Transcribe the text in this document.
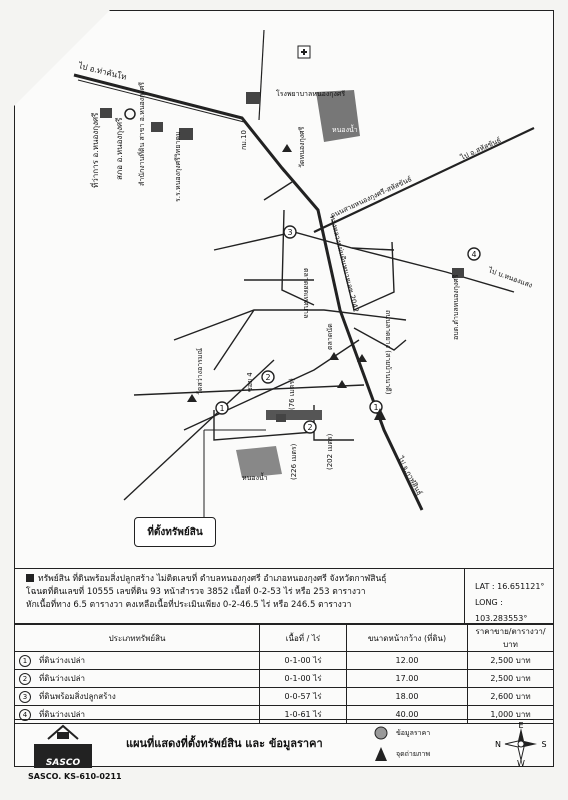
1
1
2
2
3
4
ไป อ.ท่าคันโท
ที่ว่าการ อ.หนองกุงศรี สภอ อ.หนองกุงศรี สำนักงานที่ดิน สาขา อ.หนองกุงศรี	ร.ร.หนองกุงศรีวิทยาคม
โรงพยาบาลหนองกุงศรี
วัดหนองกุงศรี	หนองน้ำ
กม.10
ถนนสายหนองกุงศรี-สหัสขันธ์
ไป อ.สหัสขันธ์
ไป บ.หนองแสง
อบต.ตำบลหนองกุงศรี
ทางหลวงแผ่นดินหมายเลข 2042
ตลาดสดเทศบาล
ซอย 4
วัดสว่างอารมณ์
ตลาดนัด	ถนนลาดยาง (สายบ้านนาดี)
(76 เมตร)
(226 เมตร)	(202 เมตร)
หนองน้ำ	ไป จ.กาฬสินธุ์
ที่ตั้งทรัพย์สิน
ทรัพย์สิน ที่ดินพร้อมสิ่งปลูกสร้าง ไม่ติดเลขที่ ตำบลหนองกุงศรี อำเภอหนองกุงศรี จังหวัดกาฬสินธุ์
โฉนดที่ดินเลขที่ 10555 เลขที่ดิน 93 หน้าสำรวจ 3852 เนื้อที่ 0-2-53 ไร่ หรือ 253 ตารางวา
หักเนื้อที่ทาง 6.5 ตารางวา คงเหลือเนื้อที่ประเมินเพียง 0-2-46.5 ไร่ หรือ 246.5 ตารางวา
LAT : 16.651121°
LONG : 103.283553°
ประเภททรัพย์สิน	เนื้อที่ / ไร่	ขนาดหน้ากว้าง (ที่ดิน)	ราคาขาย/ตารางวา/บาท
1 ที่ดินว่างเปล่า	0-1-00 ไร่	12.00	2,500 บาท
2 ที่ดินว่างเปล่า	0-1-00 ไร่	17.00	2,500 บาท
3 ที่ดินพร้อมสิ่งปลูกสร้าง	0-0-57 ไร่	18.00	2,600 บาท
4 ที่ดินว่างเปล่า	1-0-61 ไร่	40.00	1,000 บาท
SASCO
แผนที่แสดงที่ตั้งทรัพย์สิน และ ข้อมูลราคา
ข้อมูลราคา
จุดถ่ายภาพ
E
W
N	S
SASCO. KS-610-0211
